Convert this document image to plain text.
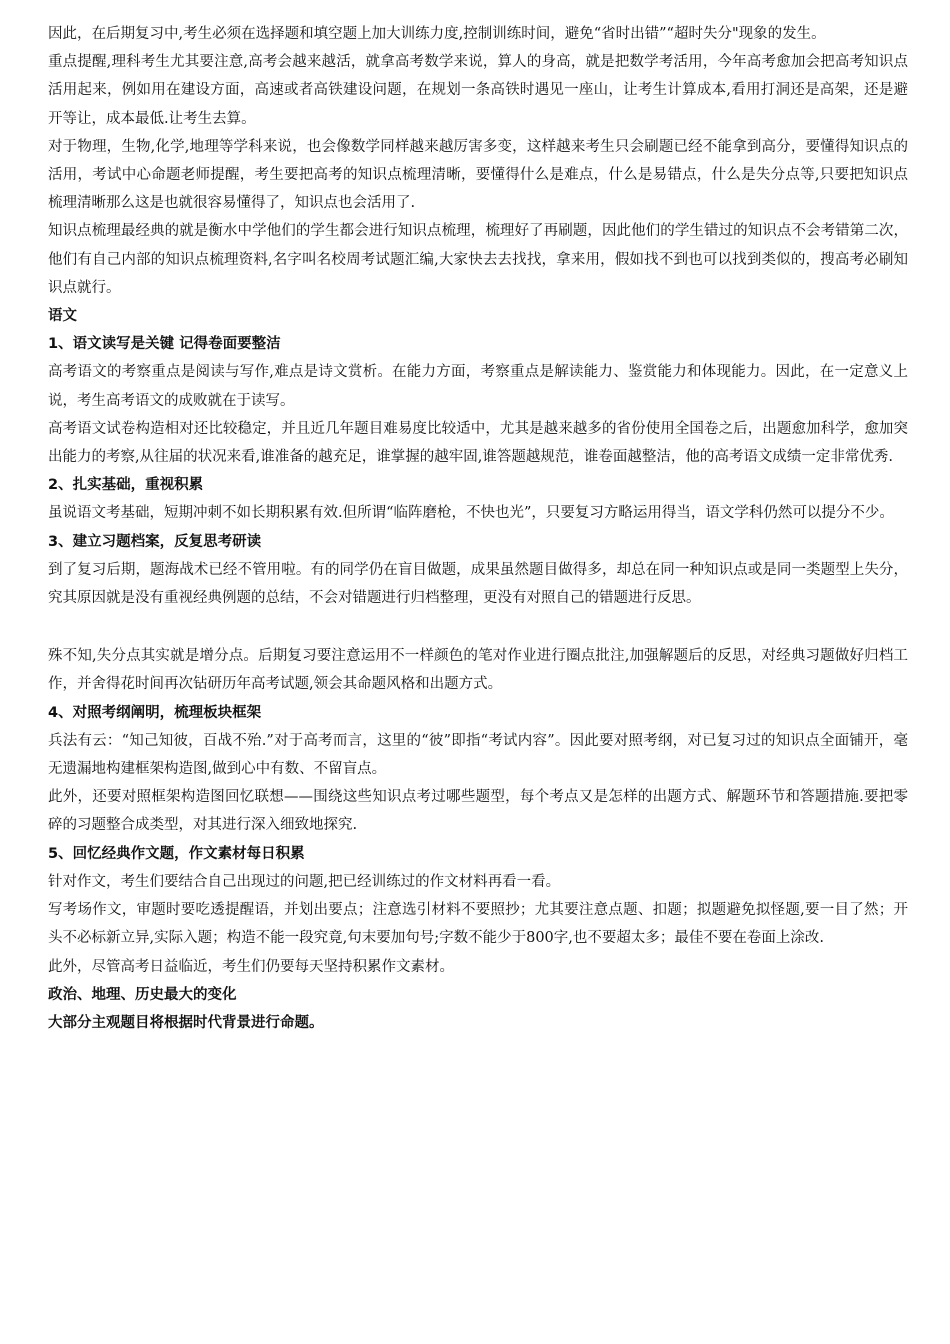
因此，在后期复习中,考生必须在选择题和填空题上加大训练力度,控制训练时间，避免“省时出错”“超时失分"现象的发生。

重点提醒,理科考生尤其要注意,高考会越来越活，就拿高考数学来说，算人的身高，就是把数学考活用，今年高考愈加会把高考知识点活用起来，例如用在建设方面，高速或者高铁建设问题，在规划一条高铁时遇见一座山，让考生计算成本,看用打洞还是高架，还是避开等让，成本最低.让考生去算。

对于物理，生物,化学,地理等学科来说，也会像数学同样越来越厉害多变，这样越来考生只会刷题已经不能拿到高分，要懂得知识点的活用，考试中心命题老师提醒，考生要把高考的知识点梳理清晰，要懂得什么是难点，什么是易错点，什么是失分点等,只要把知识点梳理清晰那么这是也就很容易懂得了，知识点也会活用了.

知识点梳理最经典的就是衡水中学他们的学生都会进行知识点梳理，梳理好了再刷题，因此他们的学生错过的知识点不会考错第二次，他们有自己内部的知识点梳理资料,名字叫名校周考试题汇编,大家快去去找找，拿来用，假如找不到也可以找到类似的，搜高考必刷知识点就行。

语文

1、语文读写是关键 记得卷面要整洁

高考语文的考察重点是阅读与写作,难点是诗文赏析。在能力方面，考察重点是解读能力、鉴赏能力和体现能力。因此，在一定意义上说，考生高考语文的成败就在于读写。

高考语文试卷构造相对还比较稳定，并且近几年题目难易度比较适中，尤其是越来越多的省份使用全国卷之后，出题愈加科学，愈加突出能力的考察,从往届的状况来看,谁准备的越充足，谁掌握的越牢固,谁答题越规范，谁卷面越整洁，他的高考语文成绩一定非常优秀.

2、扎实基础，重视积累

虽说语文考基础，短期冲刺不如长期积累有效.但所谓“临阵磨枪，不快也光”，只要复习方略运用得当，语文学科仍然可以提分不少。

3、建立习题档案，反复思考研读

到了复习后期，题海战术已经不管用啦。有的同学仍在盲目做题，成果虽然题目做得多，却总在同一种知识点或是同一类题型上失分，究其原因就是没有重视经典例题的总结，不会对错题进行归档整理，更没有对照自己的错题进行反思。

殊不知,失分点其实就是增分点。后期复习要注意运用不一样颜色的笔对作业进行圈点批注,加强解题后的反思，对经典习题做好归档工作，并舍得花时间再次钻研历年高考试题,领会其命题风格和出题方式。

4、对照考纲阐明，梳理板块框架

兵法有云：“知己知彼，百战不殆.”对于高考而言，这里的“彼”即指“考试内容”。因此要对照考纲，对已复习过的知识点全面铺开，毫无遗漏地构建框架构造图,做到心中有数、不留盲点。

此外，还要对照框架构造图回忆联想——围绕这些知识点考过哪些题型，每个考点又是怎样的出题方式、解题环节和答题措施.要把零碎的习题整合成类型，对其进行深入细致地探究.

5、回忆经典作文题，作文素材每日积累

针对作文，考生们要结合自己出现过的问题,把已经训练过的作文材料再看一看。

写考场作文，审题时要吃透提醒语，并划出要点；注意选引材料不要照抄；尤其要注意点题、扣题；拟题避免拟怪题,要一目了然；开头不必标新立异,实际入题；构造不能一段究竟,句末要加句号;字数不能少于800字,也不要超太多；最佳不要在卷面上涂改.

此外，尽管高考日益临近，考生们仍要每天坚持积累作文素材。

政治、地理、历史最大的变化

大部分主观题目将根据时代背景进行命题。
